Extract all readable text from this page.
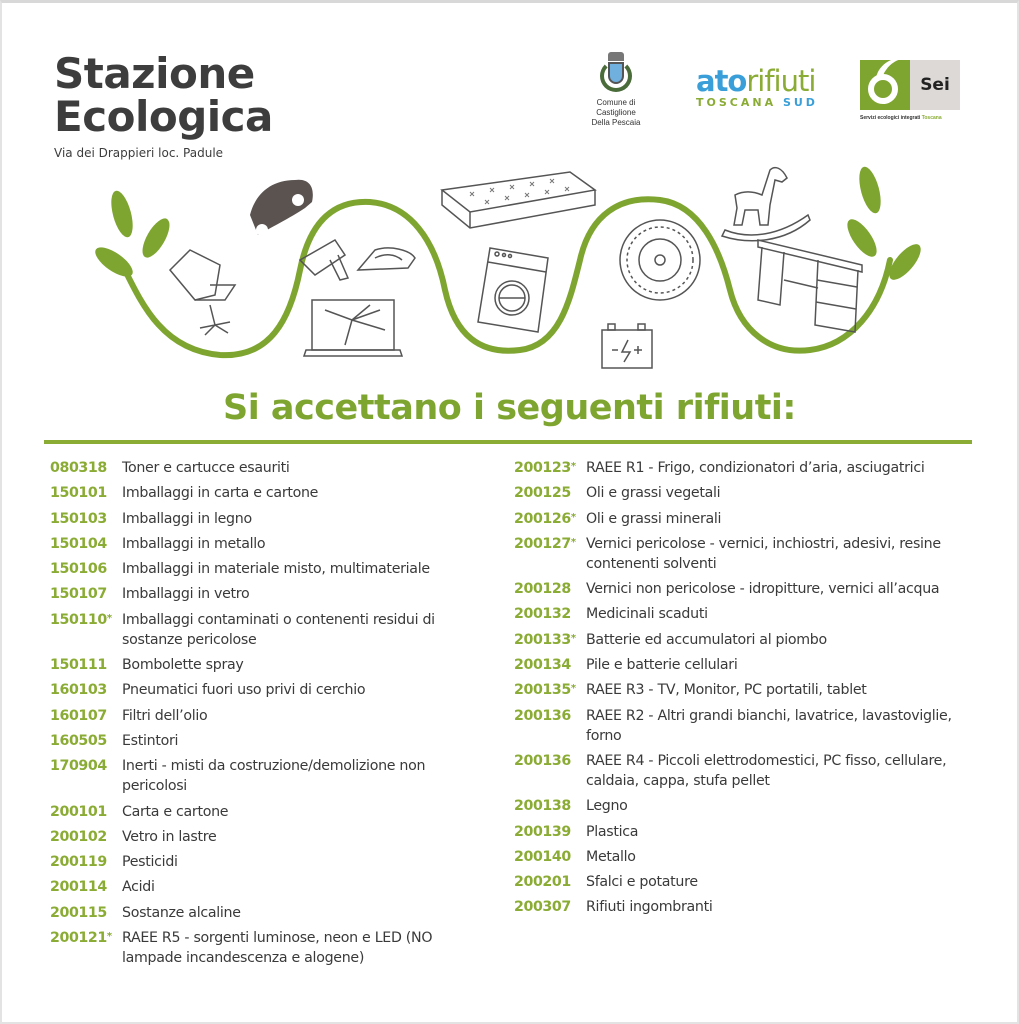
Stazione
Ecologica
Via dei Drappieri loc. Padule
Comune di Castiglione
Della Pescaia
atorifiuti
TOSCANA SUD
Sei
Servizi ecologici integrati Toscana
Si accettano i seguenti rifiuti:
080318	Toner e cartucce esauriti
150101	Imballaggi in carta e cartone
150103	Imballaggi in legno
150104	Imballaggi in metallo
150106	Imballaggi in materiale misto, multimateriale
150107	Imballaggi in vetro
150110* Imballaggi contaminati o contenenti residui di sostanze pericolose
150111	Bombolette spray
160103	Pneumatici fuori uso privi di cerchio
160107	Filtri dell’olio
160505	Estintori
170904	Inerti - misti da costruzione/demolizione non pericolosi
200101	Carta e cartone
200102	Vetro in lastre
200119	Pesticidi
200114	Acidi
200115	Sostanze alcaline
200121* RAEE R5 - sorgenti luminose, neon e LED (NO lampade incandescenza e alogene)
200123* RAEE R1 - Frigo, condizionatori d’aria, asciugatrici
200125	Oli e grassi vegetali
200126* Oli e grassi minerali
200127* Vernici pericolose - vernici, inchiostri, adesivi, resine contenenti solventi
200128	Vernici non pericolose - idropitture, vernici all’acqua
200132	Medicinali scaduti
200133* Batterie ed accumulatori al piombo
200134	Pile e batterie cellulari
200135* RAEE R3 - TV, Monitor, PC portatili, tablet
200136	RAEE R2 - Altri grandi bianchi, lavatrice, lavastoviglie, forno
200136	RAEE R4 - Piccoli elettrodomestici, PC fisso, cellulare, caldaia, cappa, stufa pellet
200138	Legno
200139	Plastica
200140	Metallo
200201	Sfalci e potature
200307	Rifiuti ingombranti
